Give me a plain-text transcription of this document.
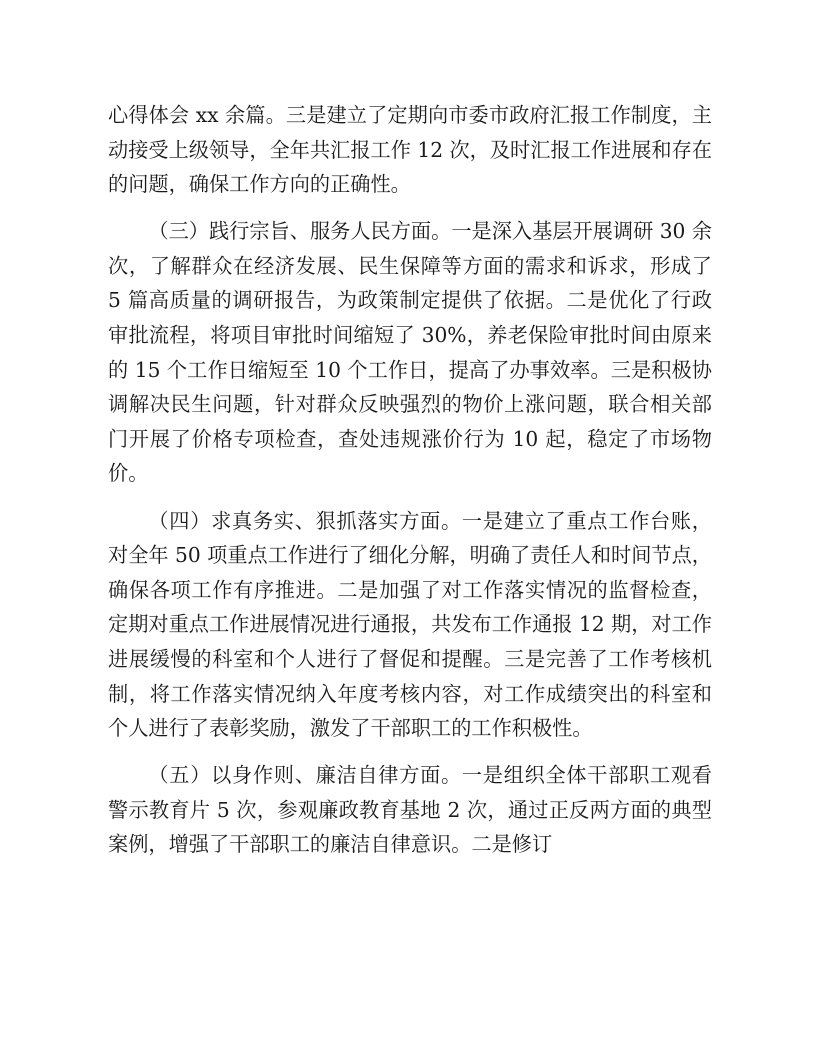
心得体会 xx 余篇。三是建立了定期向市委市政府汇报工作制度，主动接受上级领导，全年共汇报工作 12 次，及时汇报工作进展和存在的问题，确保工作方向的正确性。

（三）践行宗旨、服务人民方面。一是深入基层开展调研 30 余次，了解群众在经济发展、民生保障等方面的需求和诉求，形成了 5 篇高质量的调研报告，为政策制定提供了依据。二是优化了行政审批流程，将项目审批时间缩短了 30%，养老保险审批时间由原来的 15 个工作日缩短至 10 个工作日，提高了办事效率。三是积极协调解决民生问题，针对群众反映强烈的物价上涨问题，联合相关部门开展了价格专项检查，查处违规涨价行为 10 起，稳定了市场物价。

（四）求真务实、狠抓落实方面。一是建立了重点工作台账，对全年 50 项重点工作进行了细化分解，明确了责任人和时间节点，确保各项工作有序推进。二是加强了对工作落实情况的监督检查，定期对重点工作进展情况进行通报，共发布工作通报 12 期，对工作进展缓慢的科室和个人进行了督促和提醒。三是完善了工作考核机制，将工作落实情况纳入年度考核内容，对工作成绩突出的科室和个人进行了表彰奖励，激发了干部职工的工作积极性。

（五）以身作则、廉洁自律方面。一是组织全体干部职工观看警示教育片 5 次，参观廉政教育基地 2 次，通过正反两方面的典型案例，增强了干部职工的廉洁自律意识。二是修订
